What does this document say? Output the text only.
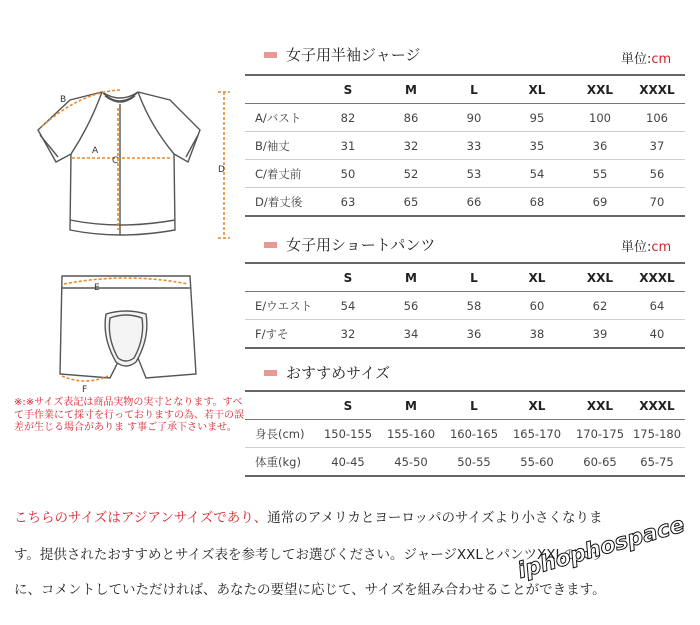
B
A
C
D
E
F
※:※サイズ表記は商品実物の実寸となります。すべて手作業にて採寸を行っておりますの為、若干の誤差が生じる場合がありま す事ご了承下さいませ。
女子用半袖ジャージ	単位:cm
	S	M	L	XL	XXL	XXXL
A/バスト	82	86	90	95	100	106
B/袖丈	31	32	33	35	36	37
C/着丈前	50	52	53	54	55	56
D/着丈後	63	65	66	68	69	70
女子用ショートパンツ	単位:cm
	S	M	L	XL	XXL	XXXL
E/ウエスト	54	56	58	60	62	64
F/すそ	32	34	36	38	39	40
おすすめサイズ
	S	M	L	XL	XXL	XXXL
身長(cm)	150-155	155-160	160-165	165-170	170-175	175-180
体重(kg)	40-45	45-50	50-55	55-60	60-65	65-75
こちらのサイズはアジアンサイズであり、通常のアメリカとヨーロッパのサイズより小さくなりま
す。提供されたおすすめとサイズ表を参考してお選びください。ジャージXXLとパンツXXLのよう
に、コメントしていただければ、あなたの要望に応じて、サイズを組み合わせることができます。
iphophospace
